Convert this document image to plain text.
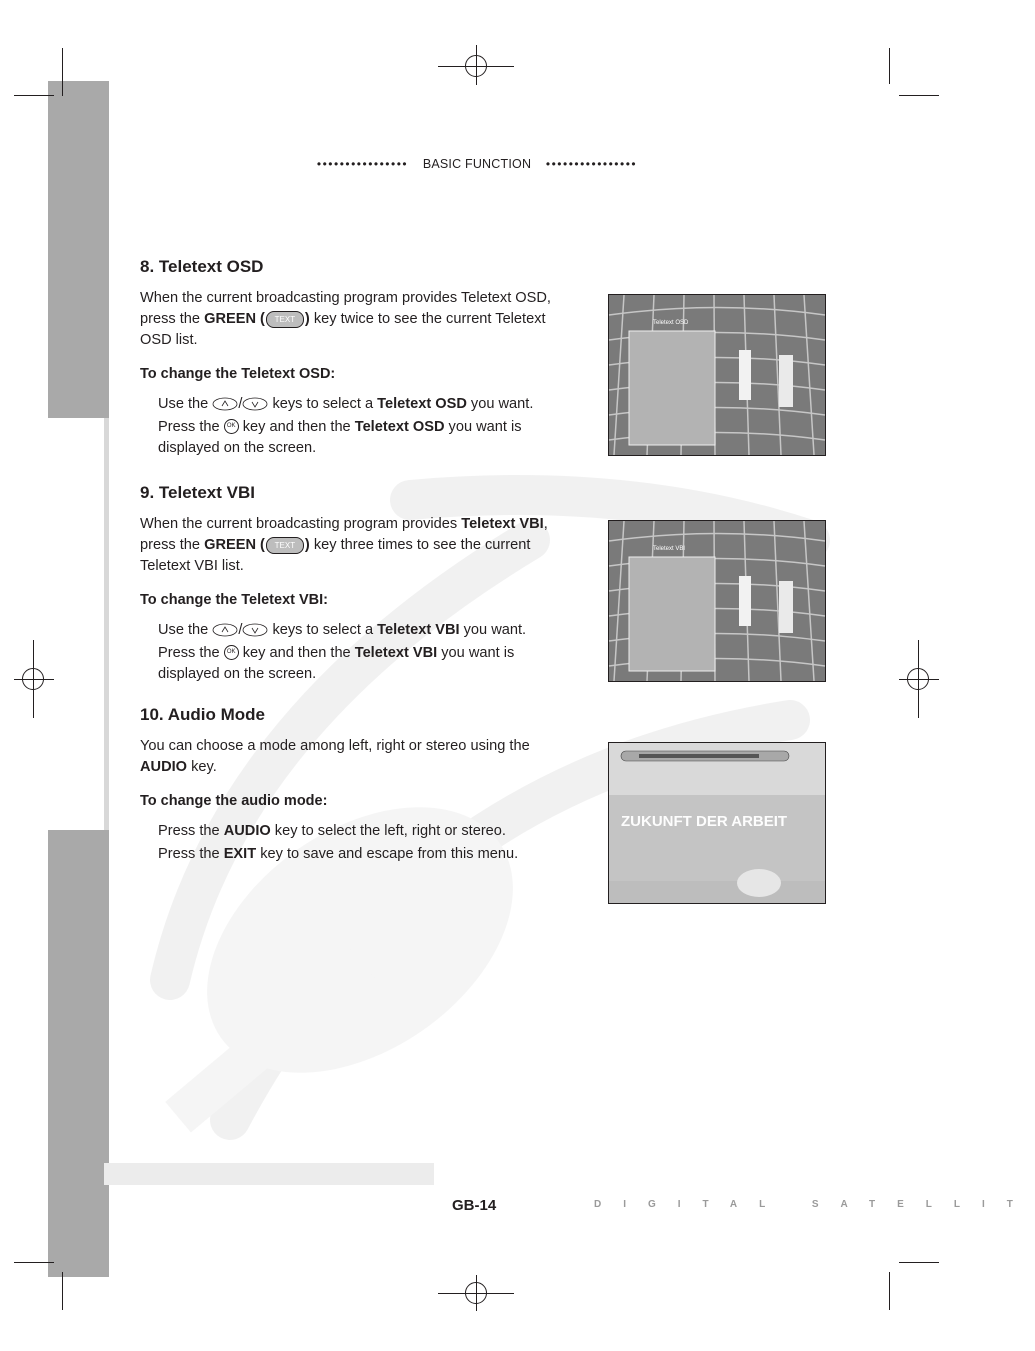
•••••••••••••••• BASIC FUNCTION ••••••••••••••••
8. Teletext OSD
When the current broadcasting program provides Teletext OSD,
press the GREEN ( TEXT ) key twice to see the current Teletext
OSD list.
To change the Teletext OSD:
Use the / keys to select a Teletext OSD you want.
Press the OK key and then the Teletext OSD you want is
displayed on the screen.
Teletext OSD
9. Teletext VBI
When the current broadcasting program provides Teletext VBI,
press the GREEN ( TEXT ) key three times to see the current
Teletext VBI list.
To change the Teletext VBI:
Use the / keys to select a Teletext VBI you want.
Press the OK key and then the Teletext VBI you want is
displayed on the screen.
Teletext VBI
10. Audio Mode
You can choose a mode among left, right or stereo using the
AUDIO key.
To change the audio mode:
Press the AUDIO key to select the left, right or stereo.
Press the EXIT key to save and escape from this menu.
ZUKUNFT DER ARBEIT
GB-14	DIGITAL SATELLIT
